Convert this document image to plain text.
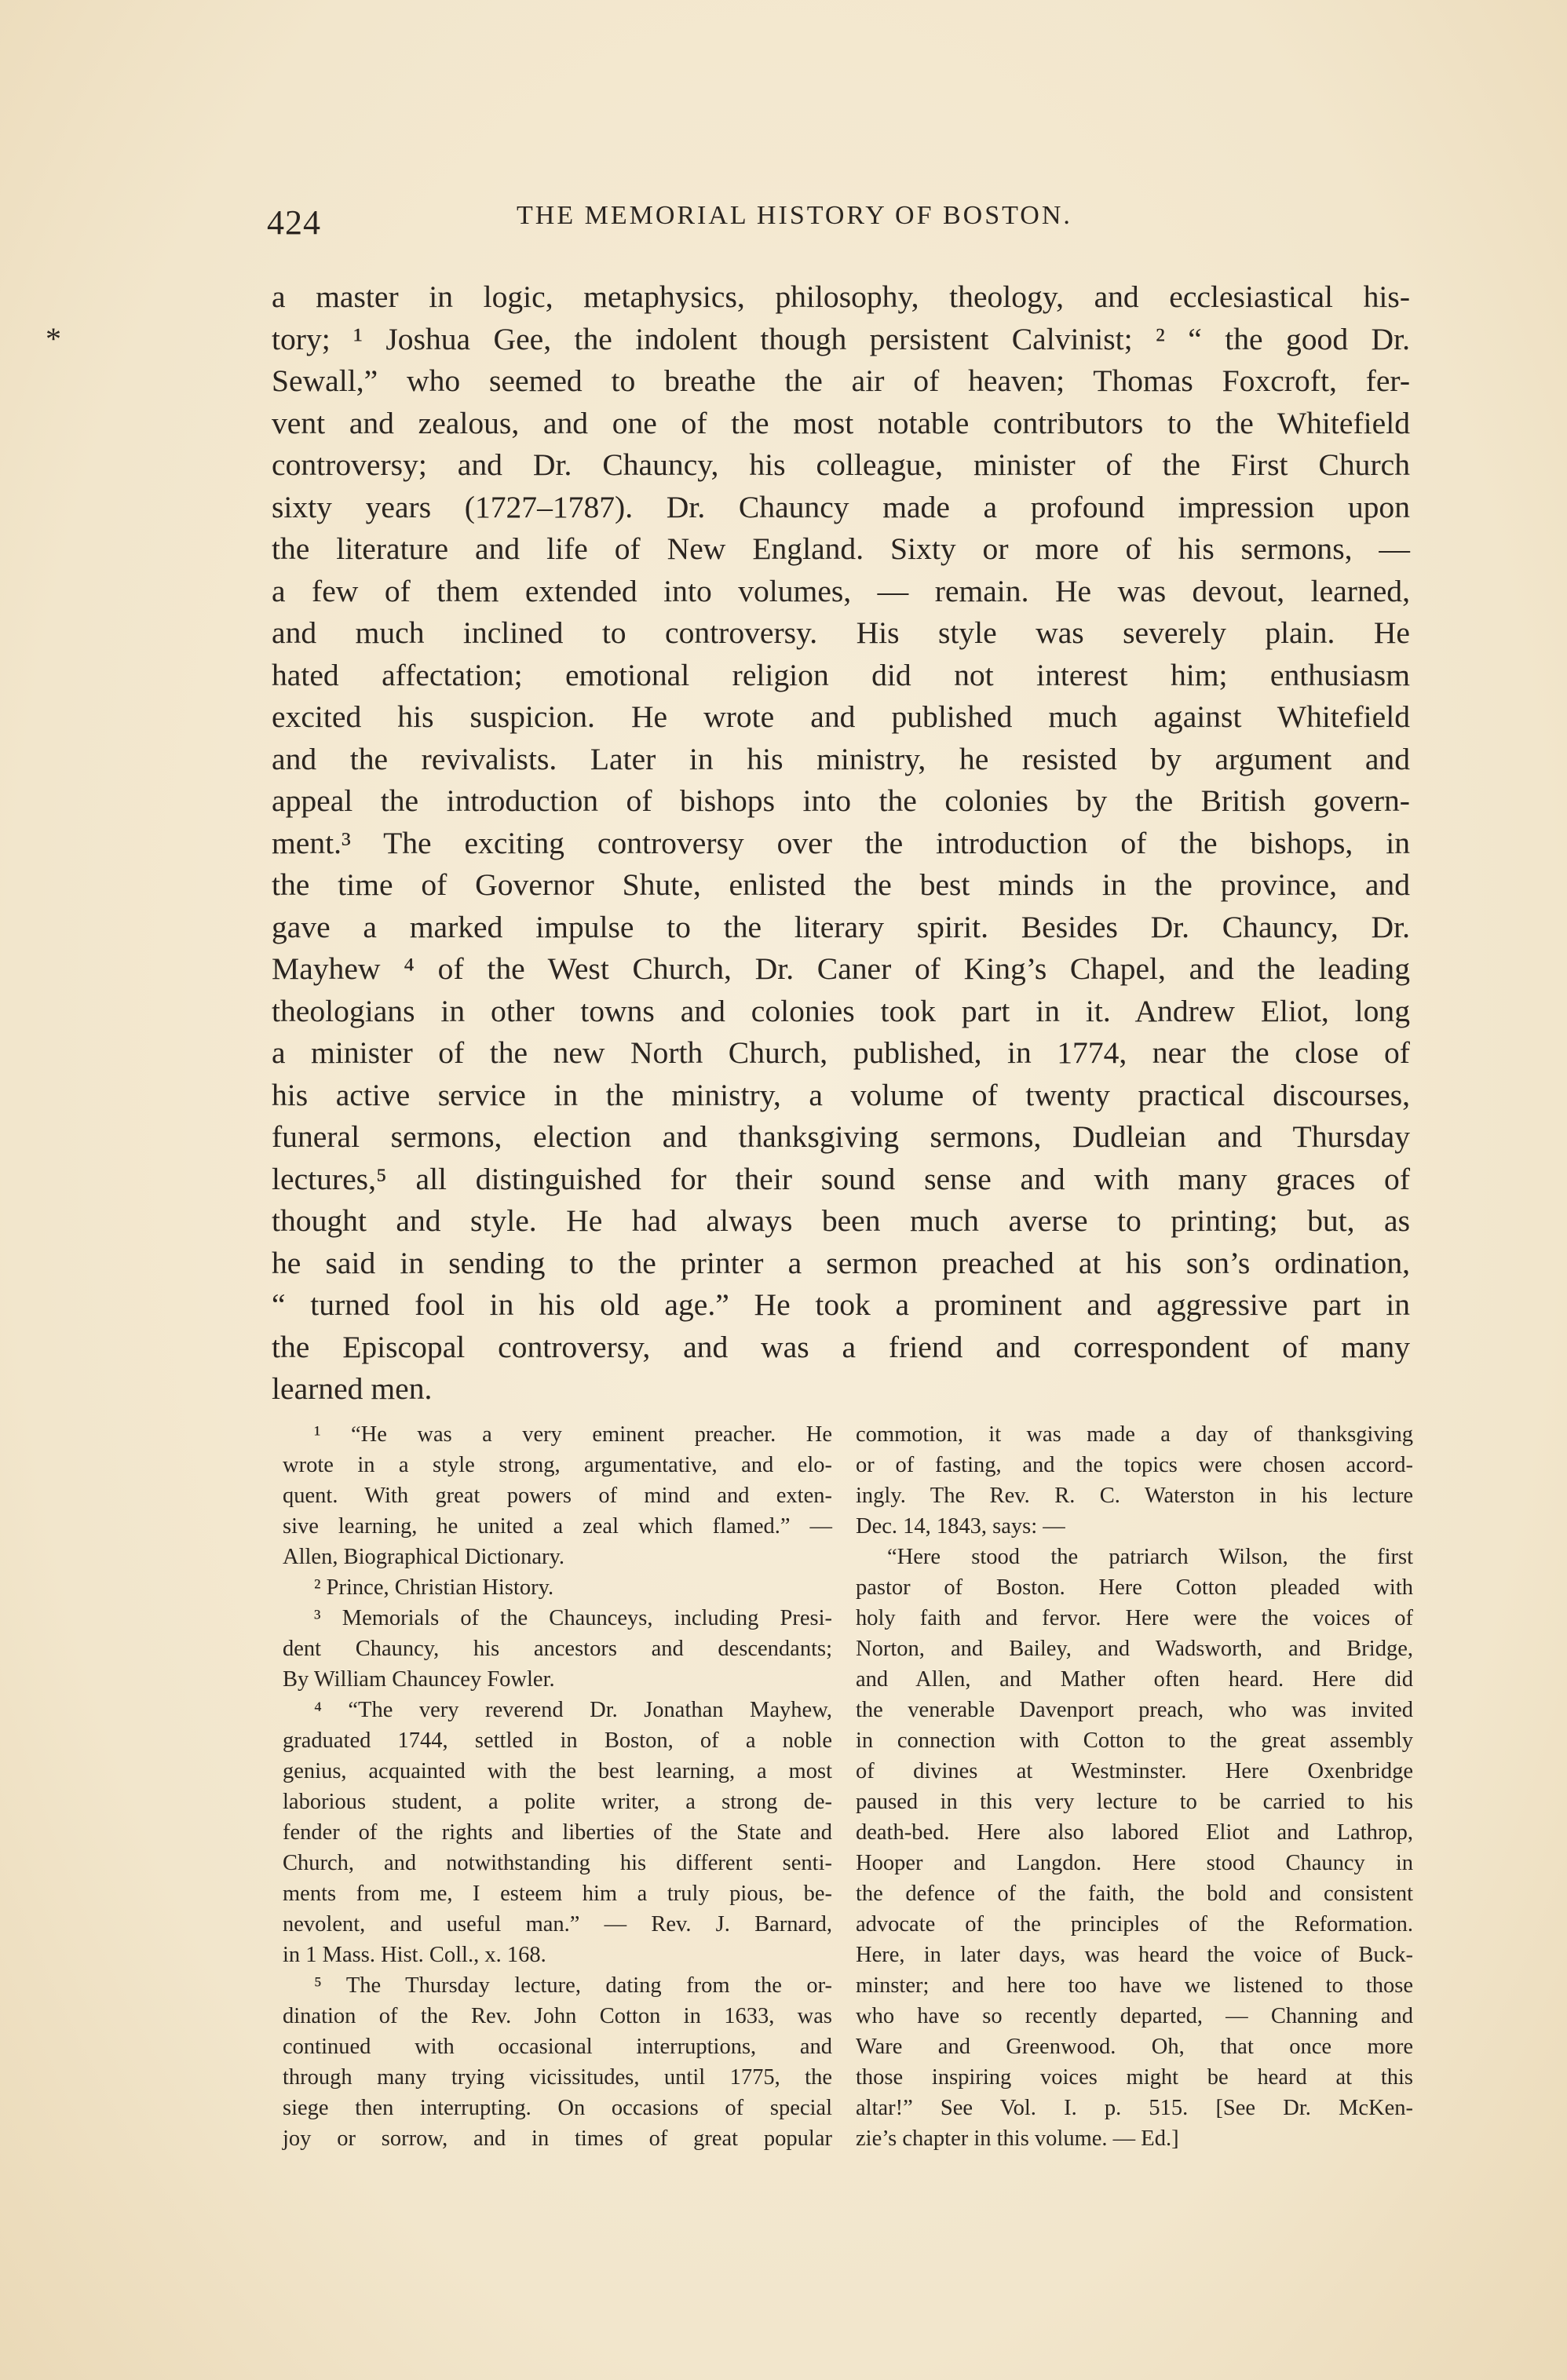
424	THE MEMORIAL HISTORY OF BOSTON.
*
a master in logic, metaphysics, philosophy, theology, and ecclesiastical his-
tory; ¹ Joshua Gee, the indolent though persistent Calvinist; ² “ the good Dr.
Sewall,” who seemed to breathe the air of heaven; Thomas Foxcroft, fer-
vent and zealous, and one of the most notable contributors to the Whitefield
controversy; and Dr. Chauncy, his colleague, minister of the First Church
sixty years (1727–1787). Dr. Chauncy made a profound impression upon
the literature and life of New England. Sixty or more of his sermons, —
a few of them extended into volumes, — remain. He was devout, learned,
and much inclined to controversy. His style was severely plain. He
hated affectation; emotional religion did not interest him; enthusiasm
excited his suspicion. He wrote and published much against Whitefield
and the revivalists. Later in his ministry, he resisted by argument and
appeal the introduction of bishops into the colonies by the British govern-
ment.³ The exciting controversy over the introduction of the bishops, in
the time of Governor Shute, enlisted the best minds in the province, and
gave a marked impulse to the literary spirit. Besides Dr. Chauncy, Dr.
Mayhew ⁴ of the West Church, Dr. Caner of King’s Chapel, and the leading
theologians in other towns and colonies took part in it. Andrew Eliot, long
a minister of the new North Church, published, in 1774, near the close of
his active service in the ministry, a volume of twenty practical discourses,
funeral sermons, election and thanksgiving sermons, Dudleian and Thursday
lectures,⁵ all distinguished for their sound sense and with many graces of
thought and style. He had always been much averse to printing; but, as
he said in sending to the printer a sermon preached at his son’s ordination,
“ turned fool in his old age.” He took a prominent and aggressive part in
the Episcopal controversy, and was a friend and correspondent of many
learned men.
¹ “He was a very eminent preacher. He
wrote in a style strong, argumentative, and elo-
quent. With great powers of mind and exten-
sive learning, he united a zeal which flamed.” —
Allen, Biographical Dictionary.
² Prince, Christian History.
³ Memorials of the Chaunceys, including Presi-
dent Chauncy, his ancestors and descendants;
By William Chauncey Fowler.
⁴ “The very reverend Dr. Jonathan Mayhew,
graduated 1744, settled in Boston, of a noble
genius, acquainted with the best learning, a most
laborious student, a polite writer, a strong de-
fender of the rights and liberties of the State and
Church, and notwithstanding his different senti-
ments from me, I esteem him a truly pious, be-
nevolent, and useful man.” — Rev. J. Barnard,
in 1 Mass. Hist. Coll., x. 168.
⁵ The Thursday lecture, dating from the or-
dination of the Rev. John Cotton in 1633, was
continued with occasional interruptions, and
through many trying vicissitudes, until 1775, the
siege then interrupting. On occasions of special
joy or sorrow, and in times of great popular
commotion, it was made a day of thanksgiving
or of fasting, and the topics were chosen accord-
ingly. The Rev. R. C. Waterston in his lecture
Dec. 14, 1843, says: —
“Here stood the patriarch Wilson, the first
pastor of Boston. Here Cotton pleaded with
holy faith and fervor. Here were the voices of
Norton, and Bailey, and Wadsworth, and Bridge,
and Allen, and Mather often heard. Here did
the venerable Davenport preach, who was invited
in connection with Cotton to the great assembly
of divines at Westminster. Here Oxenbridge
paused in this very lecture to be carried to his
death-bed. Here also labored Eliot and Lathrop,
Hooper and Langdon. Here stood Chauncy in
the defence of the faith, the bold and consistent
advocate of the principles of the Reformation.
Here, in later days, was heard the voice of Buck-
minster; and here too have we listened to those
who have so recently departed, — Channing and
Ware and Greenwood. Oh, that once more
those inspiring voices might be heard at this
altar!” See Vol. I. p. 515. [See Dr. McKen-
zie’s chapter in this volume. — Ed.]
